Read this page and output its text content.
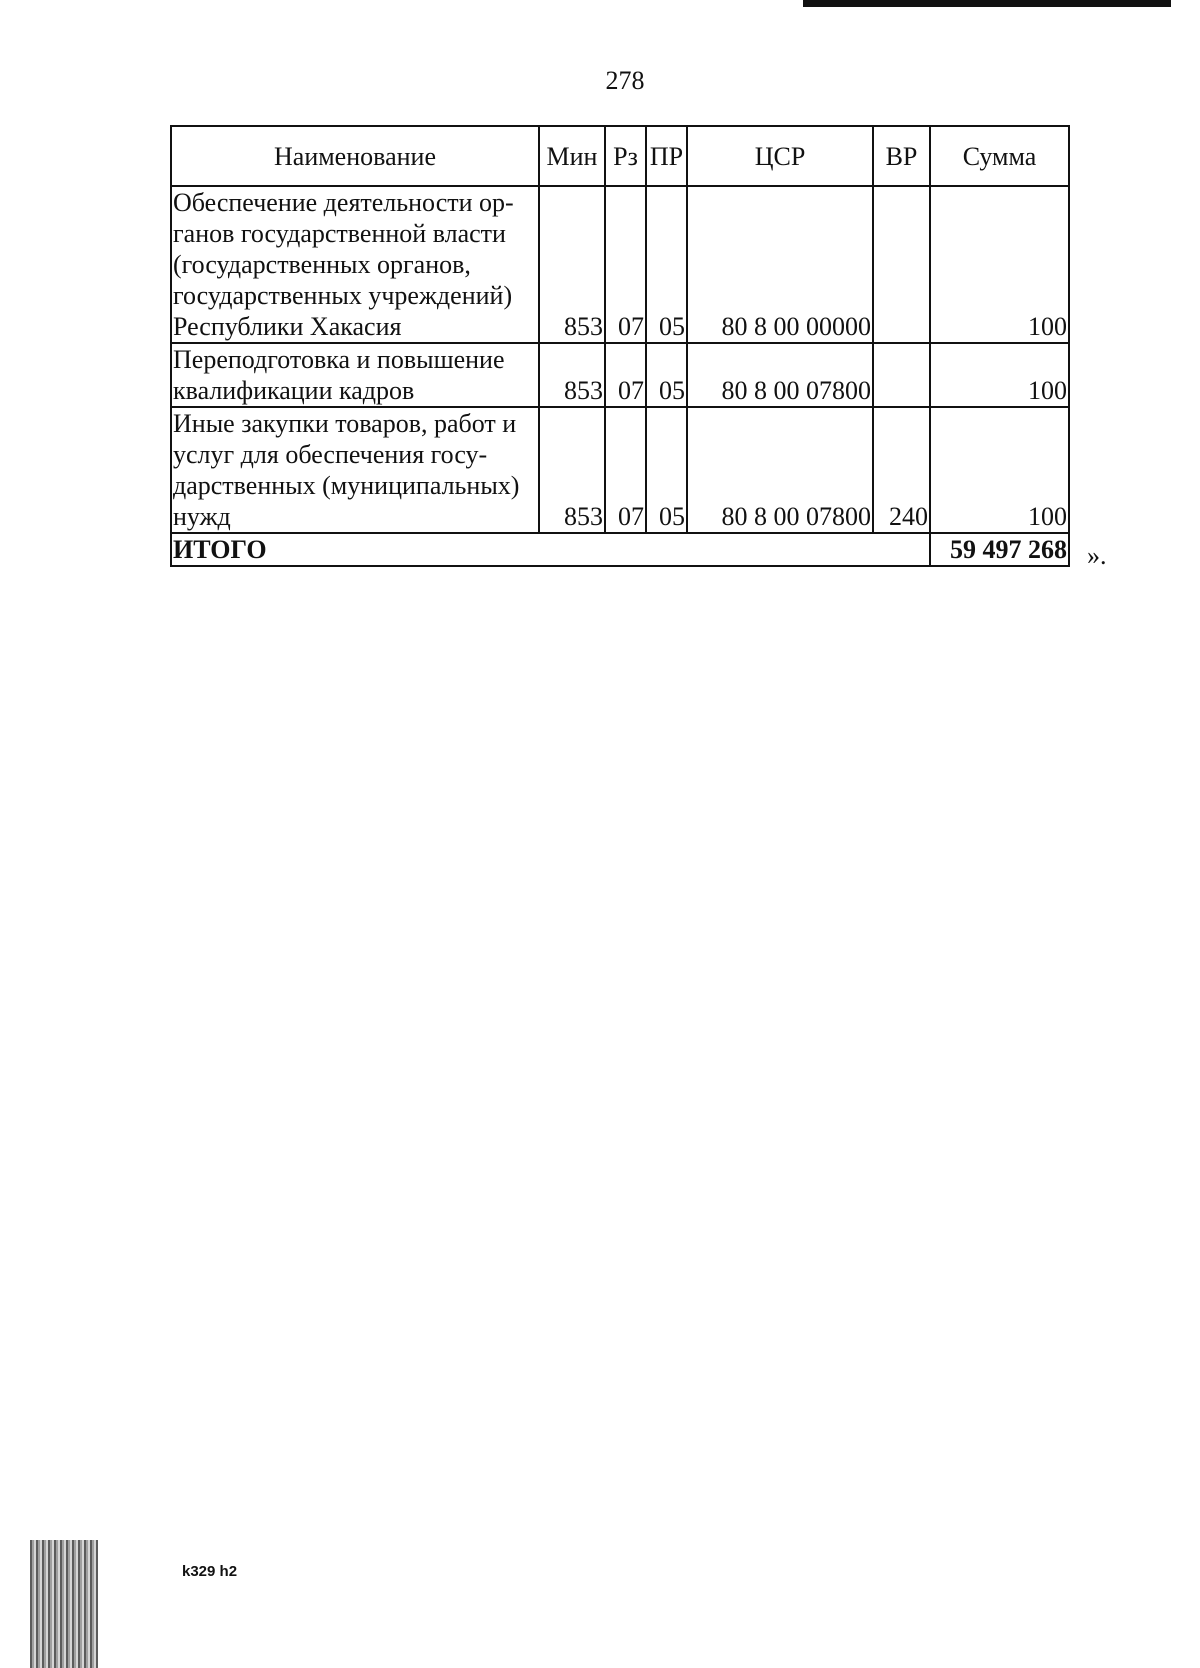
278
Наименование	Мин	Рз	ПР	ЦСР	ВР	Сумма

Обеспечение деятельности ор-
ганов государственной власти
(государственных органов,
государственных учреждений)
Республики Хакасия	853	07	05	80 8 00 00000		100

Переподготовка и повышение
квалификации кадров	853	07	05	80 8 00 07800		100

Иные закупки товаров, работ и
услуг для обеспечения госу-
дарственных (муниципальных)
нужд	853	07	05	80 8 00 07800	240	100
ИТОГО						59 497 268 ».
k329 h2
